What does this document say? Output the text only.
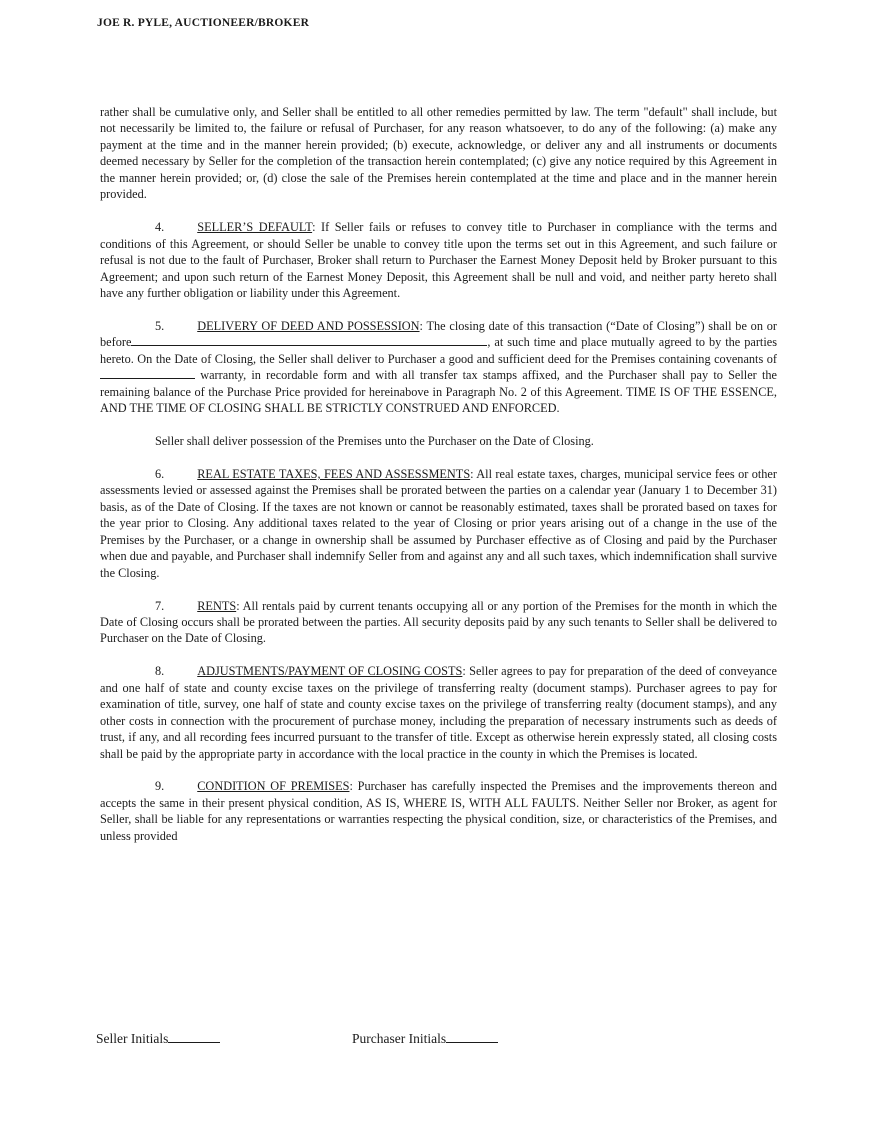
JOE R. PYLE, AUCTIONEER/BROKER

rather shall be cumulative only, and Seller shall be entitled to all other remedies permitted by law. The term "default" shall include, but not necessarily be limited to, the failure or refusal of Purchaser, for any reason whatsoever, to do any of the following: (a) make any payment at the time and in the manner herein provided; (b) execute, acknowledge, or deliver any and all instruments or documents deemed necessary by Seller for the completion of the transaction herein contemplated; (c) give any notice required by this Agreement in the manner herein provided; or, (d) close the sale of the Premises herein contemplated at the time and place and in the manner herein provided.

4.	SELLER’S DEFAULT: If Seller fails or refuses to convey title to Purchaser in compliance with the terms and conditions of this Agreement, or should Seller be unable to convey title upon the terms set out in this Agreement, and such failure or refusal is not due to the fault of Purchaser, Broker shall return to Purchaser the Earnest Money Deposit held by Broker pursuant to this Agreement; and upon such return of the Earnest Money Deposit, this Agreement shall be null and void, and neither party hereto shall have any further obligation or liability under this Agreement.

5.	DELIVERY OF DEED AND POSSESSION: The closing date of this transaction (“Date of Closing”) shall be on or before	, at such time and place mutually agreed to by the parties hereto. On the Date of Closing, the Seller shall deliver to Purchaser a good and sufficient deed for the Premises containing covenants of  warranty, in recordable form and with all transfer tax stamps affixed, and the Purchaser shall pay to Seller the remaining balance of the Purchase Price provided for hereinabove in Paragraph No. 2 of this Agreement. TIME IS OF THE ESSENCE, AND THE TIME OF CLOSING SHALL BE STRICTLY CONSTRUED AND ENFORCED.

Seller shall deliver possession of the Premises unto the Purchaser on the Date of Closing.

6.	REAL ESTATE TAXES, FEES AND ASSESSMENTS: All real estate taxes, charges, municipal service fees or other assessments levied or assessed against the Premises shall be prorated between the parties on a calendar year (January 1 to December 31) basis, as of the Date of Closing. If the taxes are not known or cannot be reasonably estimated, taxes shall be prorated based on taxes for the year prior to Closing. Any additional taxes related to the year of Closing or prior years arising out of a change in the use of the Premises by the Purchaser, or a change in ownership shall be assumed by Purchaser effective as of Closing and paid by the Purchaser when due and payable, and Purchaser shall indemnify Seller from and against any and all such taxes, which indemnification shall survive the Closing.

7.	RENTS: All rentals paid by current tenants occupying all or any portion of the Premises for the month in which the Date of Closing occurs shall be prorated between the parties. All security deposits paid by any such tenants to Seller shall be delivered to Purchaser on the Date of Closing.

8.	ADJUSTMENTS/PAYMENT OF CLOSING COSTS: Seller agrees to pay for preparation of the deed of conveyance and one half of state and county excise taxes on the privilege of transferring realty (document stamps). Purchaser agrees to pay for examination of title, survey, one half of state and county excise taxes on the privilege of transferring realty (document stamps), and any other costs in connection with the procurement of purchase money, including the preparation of necessary instruments such as deeds of trust, if any, and all recording fees incurred pursuant to the transfer of title. Except as otherwise herein expressly stated, all closing costs shall be paid by the appropriate party in accordance with the local practice in the county in which the Premises is located.

9.	CONDITION OF PREMISES: Purchaser has carefully inspected the Premises and the improvements thereon and accepts the same in their present physical condition, AS IS, WHERE IS, WITH ALL FAULTS. Neither Seller nor Broker, as agent for Seller, shall be liable for any representations or warranties respecting the physical condition, size, or characteristics of the Premises, and unless provided

Seller Initials	Purchaser Initials
